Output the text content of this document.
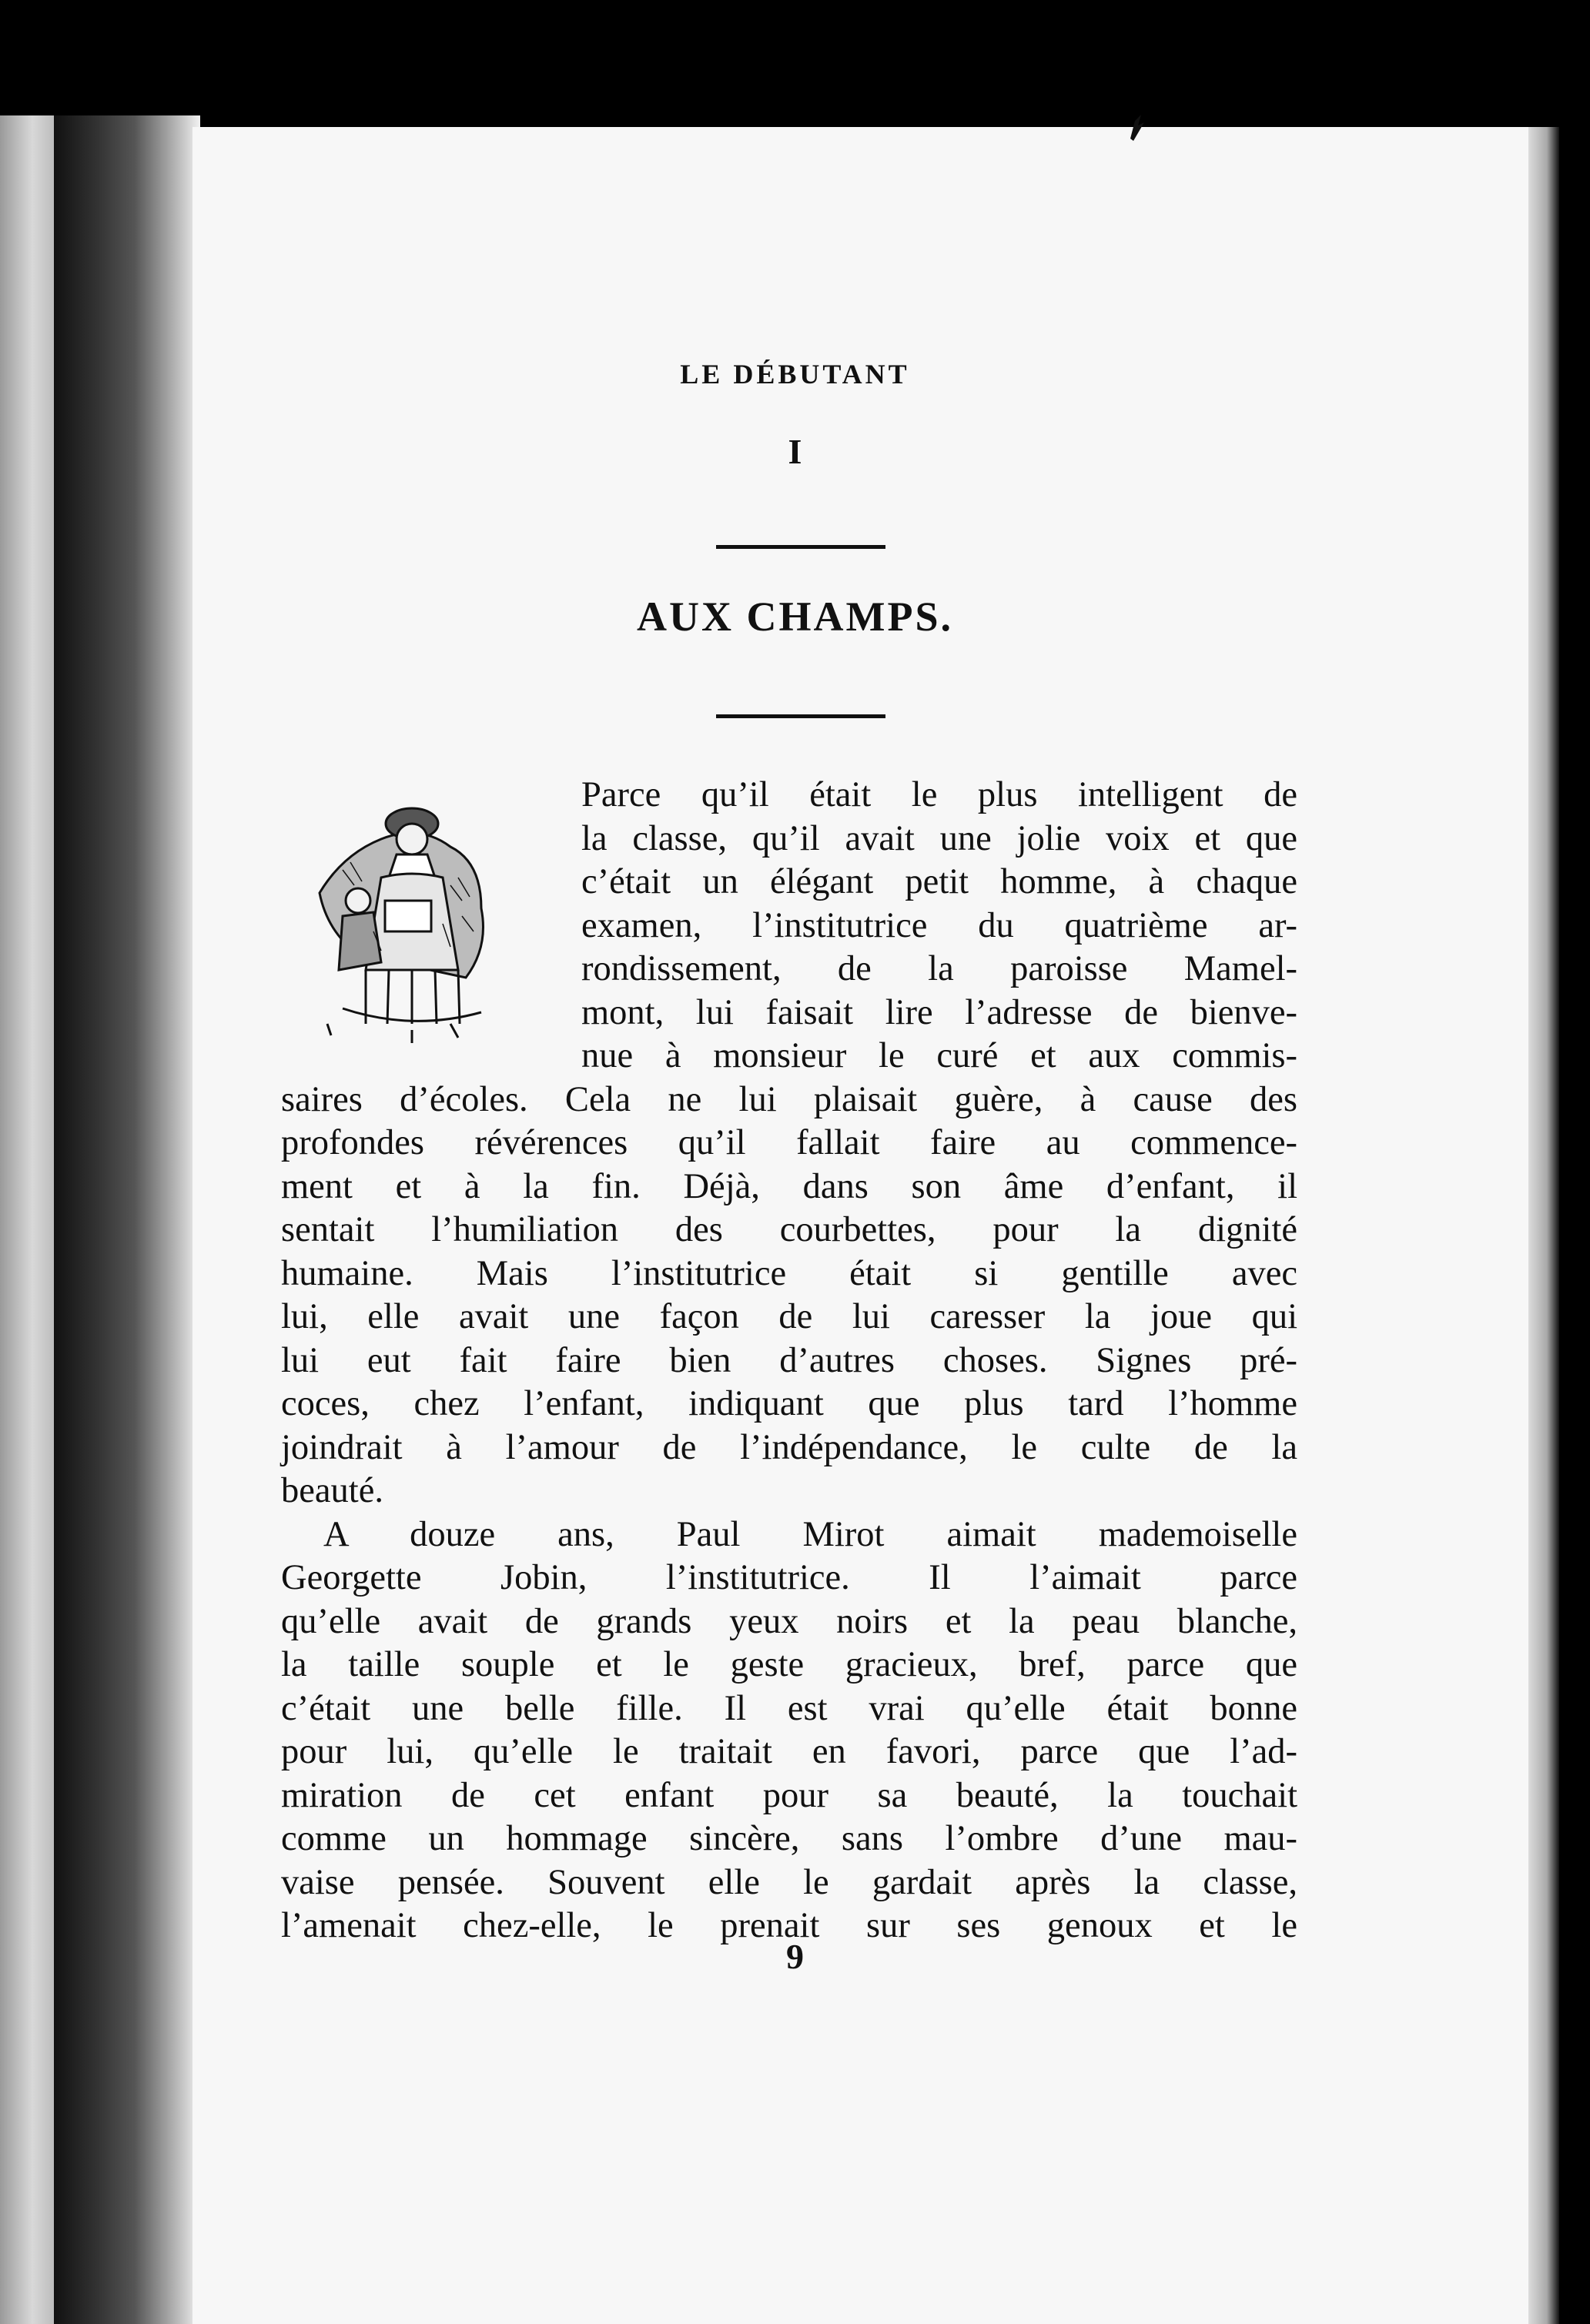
LE DÉBUTANT
I
AUX CHAMPS.
Parce qu’il était le plus intelligent de
la classe, qu’il avait une jolie voix et que
c’était un élégant petit homme, à chaque
examen, l’institutrice du quatrième ar-
rondissement, de la paroisse Mamel-
mont, lui faisait lire l’adresse de bienve-
nue à monsieur le curé et aux commis-
saires d’écoles. Cela ne lui plaisait guère, à cause des
profondes révérences qu’il fallait faire au commence-
ment et à la fin. Déjà, dans son âme d’enfant, il
sentait l’humiliation des courbettes, pour la dignité
humaine. Mais l’institutrice était si gentille avec
lui, elle avait une façon de lui caresser la joue qui
lui eut fait faire bien d’autres choses. Signes pré-
coces, chez l’enfant, indiquant que plus tard l’homme
joindrait à l’amour de l’indépendance, le culte de la
beauté.
A douze ans, Paul Mirot aimait mademoiselle
Georgette Jobin, l’institutrice. Il l’aimait parce
qu’elle avait de grands yeux noirs et la peau blanche,
la taille souple et le geste gracieux, bref, parce que
c’était une belle fille. Il est vrai qu’elle était bonne
pour lui, qu’elle le traitait en favori, parce que l’ad-
miration de cet enfant pour sa beauté, la touchait
comme un hommage sincère, sans l’ombre d’une mau-
vaise pensée. Souvent elle le gardait après la classe,
l’amenait chez-elle, le prenait sur ses genoux et le
9
